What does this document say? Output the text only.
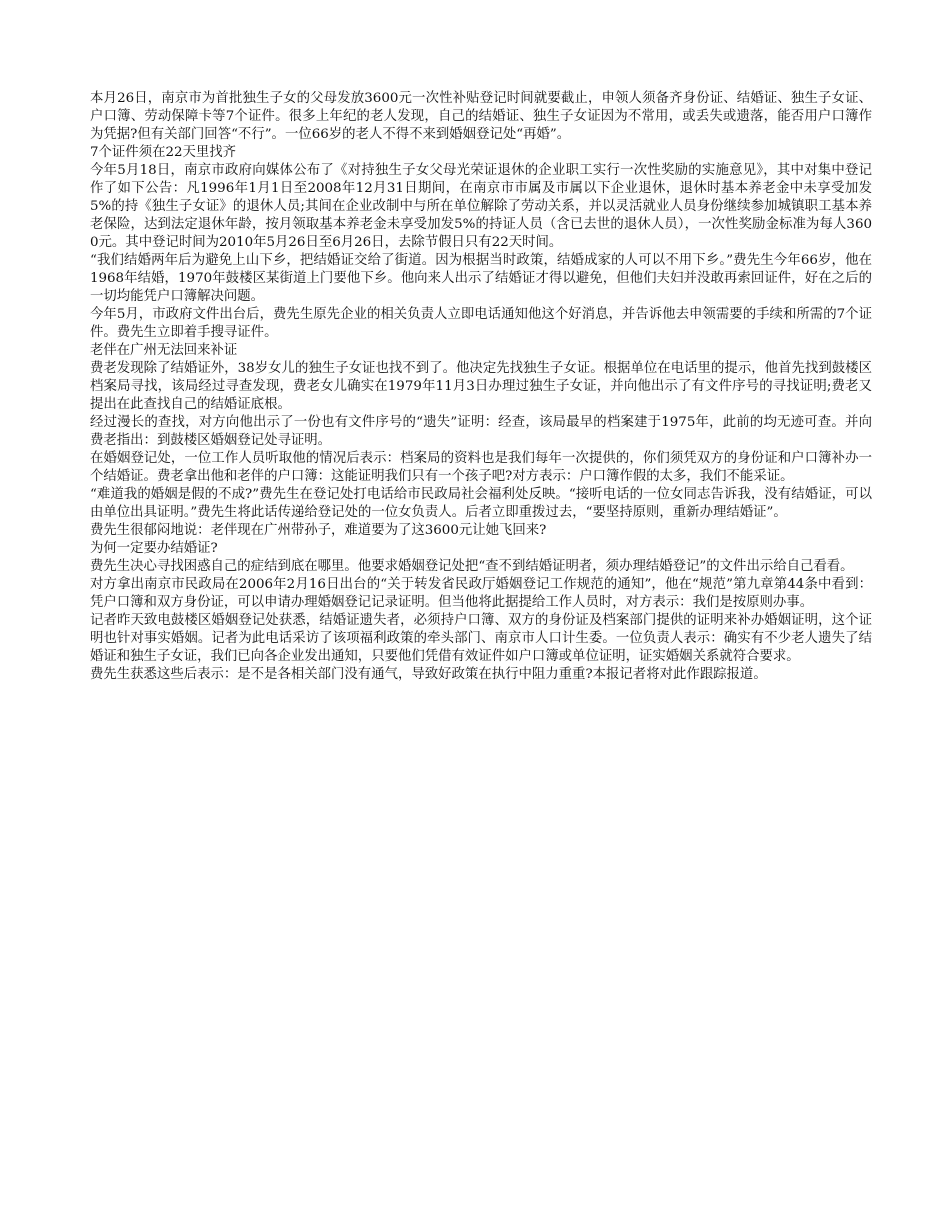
本月26日，南京市为首批独生子女的父母发放3600元一次性补贴登记时间就要截止，申领人须备齐身份证、结婚证、独生子女证、户口簿、劳动保障卡等7个证件。很多上年纪的老人发现，自己的结婚证、独生子女证因为不常用，或丢失或遗落，能否用户口簿作为凭据?但有关部门回答“不行”。一位66岁的老人不得不来到婚姻登记处“再婚”。

7个证件须在22天里找齐

今年5月18日，南京市政府向媒体公布了《对持独生子女父母光荣证退休的企业职工实行一次性奖励的实施意见》，其中对集中登记作了如下公告：凡1996年1月1日至2008年12月31日期间，在南京市市属及市属以下企业退休，退休时基本养老金中未享受加发5%的持《独生子女证》的退休人员;其间在企业改制中与所在单位解除了劳动关系，并以灵活就业人员身份继续参加城镇职工基本养老保险，达到法定退休年龄，按月领取基本养老金未享受加发5%的持证人员（含已去世的退休人员），一次性奖励金标准为每人3600元。其中登记时间为2010年5月26日至6月26日，去除节假日只有22天时间。

“我们结婚两年后为避免上山下乡，把结婚证交给了街道。因为根据当时政策，结婚成家的人可以不用下乡。”费先生今年66岁，他在1968年结婚，1970年鼓楼区某街道上门要他下乡。他向来人出示了结婚证才得以避免，但他们夫妇并没敢再索回证件，好在之后的一切均能凭户口簿解决问题。

今年5月，市政府文件出台后，费先生原先企业的相关负责人立即电话通知他这个好消息，并告诉他去申领需要的手续和所需的7个证件。费先生立即着手搜寻证件。

老伴在广州无法回来补证

费老发现除了结婚证外，38岁女儿的独生子女证也找不到了。他决定先找独生子女证。根据单位在电话里的提示，他首先找到鼓楼区档案局寻找，该局经过寻查发现，费老女儿确实在1979年11月3日办理过独生子女证，并向他出示了有文件序号的寻找证明;费老又提出在此查找自己的结婚证底根。

经过漫长的查找，对方向他出示了一份也有文件序号的“遗失”证明：经查，该局最早的档案建于1975年，此前的均无迹可查。并向费老指出：到鼓楼区婚姻登记处寻证明。

在婚姻登记处，一位工作人员听取他的情况后表示：档案局的资料也是我们每年一次提供的，你们须凭双方的身份证和户口簿补办一个结婚证。费老拿出他和老伴的户口簿：这能证明我们只有一个孩子吧?对方表示：户口簿作假的太多，我们不能采证。

“难道我的婚姻是假的不成?”费先生在登记处打电话给市民政局社会福利处反映。“接听电话的一位女同志告诉我，没有结婚证，可以由单位出具证明。”费先生将此话传递给登记处的一位女负责人。后者立即重拨过去，“要坚持原则，重新办理结婚证”。

费先生很郁闷地说：老伴现在广州带孙子，难道要为了这3600元让她飞回来?

为何一定要办结婚证?

费先生决心寻找困惑自己的症结到底在哪里。他要求婚姻登记处把“查不到结婚证明者，须办理结婚登记”的文件出示给自己看看。

对方拿出南京市民政局在2006年2月16日出台的“关于转发省民政厅婚姻登记工作规范的通知”，他在“规范”第九章第44条中看到：凭户口簿和双方身份证，可以申请办理婚姻登记记录证明。但当他将此据提给工作人员时，对方表示：我们是按原则办事。

记者昨天致电鼓楼区婚姻登记处获悉，结婚证遗失者，必须持户口簿、双方的身份证及档案部门提供的证明来补办婚姻证明，这个证明也针对事实婚姻。记者为此电话采访了该项福利政策的牵头部门、南京市人口计生委。一位负责人表示：确实有不少老人遗失了结婚证和独生子女证，我们已向各企业发出通知，只要他们凭借有效证件如户口簿或单位证明，证实婚姻关系就符合要求。

费先生获悉这些后表示：是不是各相关部门没有通气，导致好政策在执行中阻力重重?本报记者将对此作跟踪报道。
